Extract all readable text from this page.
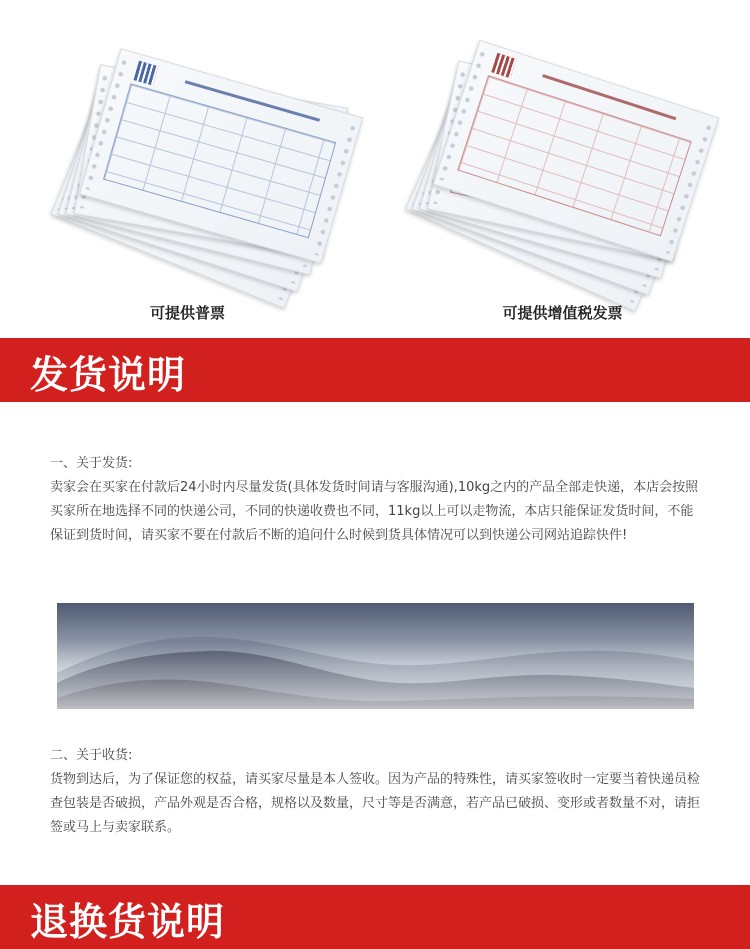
可提供普票	可提供增值税发票
发货说明
一、关于发货:
卖家会在买家在付款后24小时内尽量发货(具体发货时间请与客服沟通),10kg之内的产品全部走快递，本店会按照买家所在地选择不同的快递公司，不同的快递收费也不同，11kg以上可以走物流，本店只能保证发货时间，不能保证到货时间，请买家不要在付款后不断的追问什么时候到货具体情况可以到快递公司网站追踪快件!
二、关于收货:
货物到达后，为了保证您的权益，请买家尽量是本人签收。因为产品的特殊性，请买家签收时一定要当着快递员检查包装是否破损，产品外观是否合格，规格以及数量，尺寸等是否满意，若产品已破损、变形或者数量不对，请拒签或马上与卖家联系。
退换货说明
